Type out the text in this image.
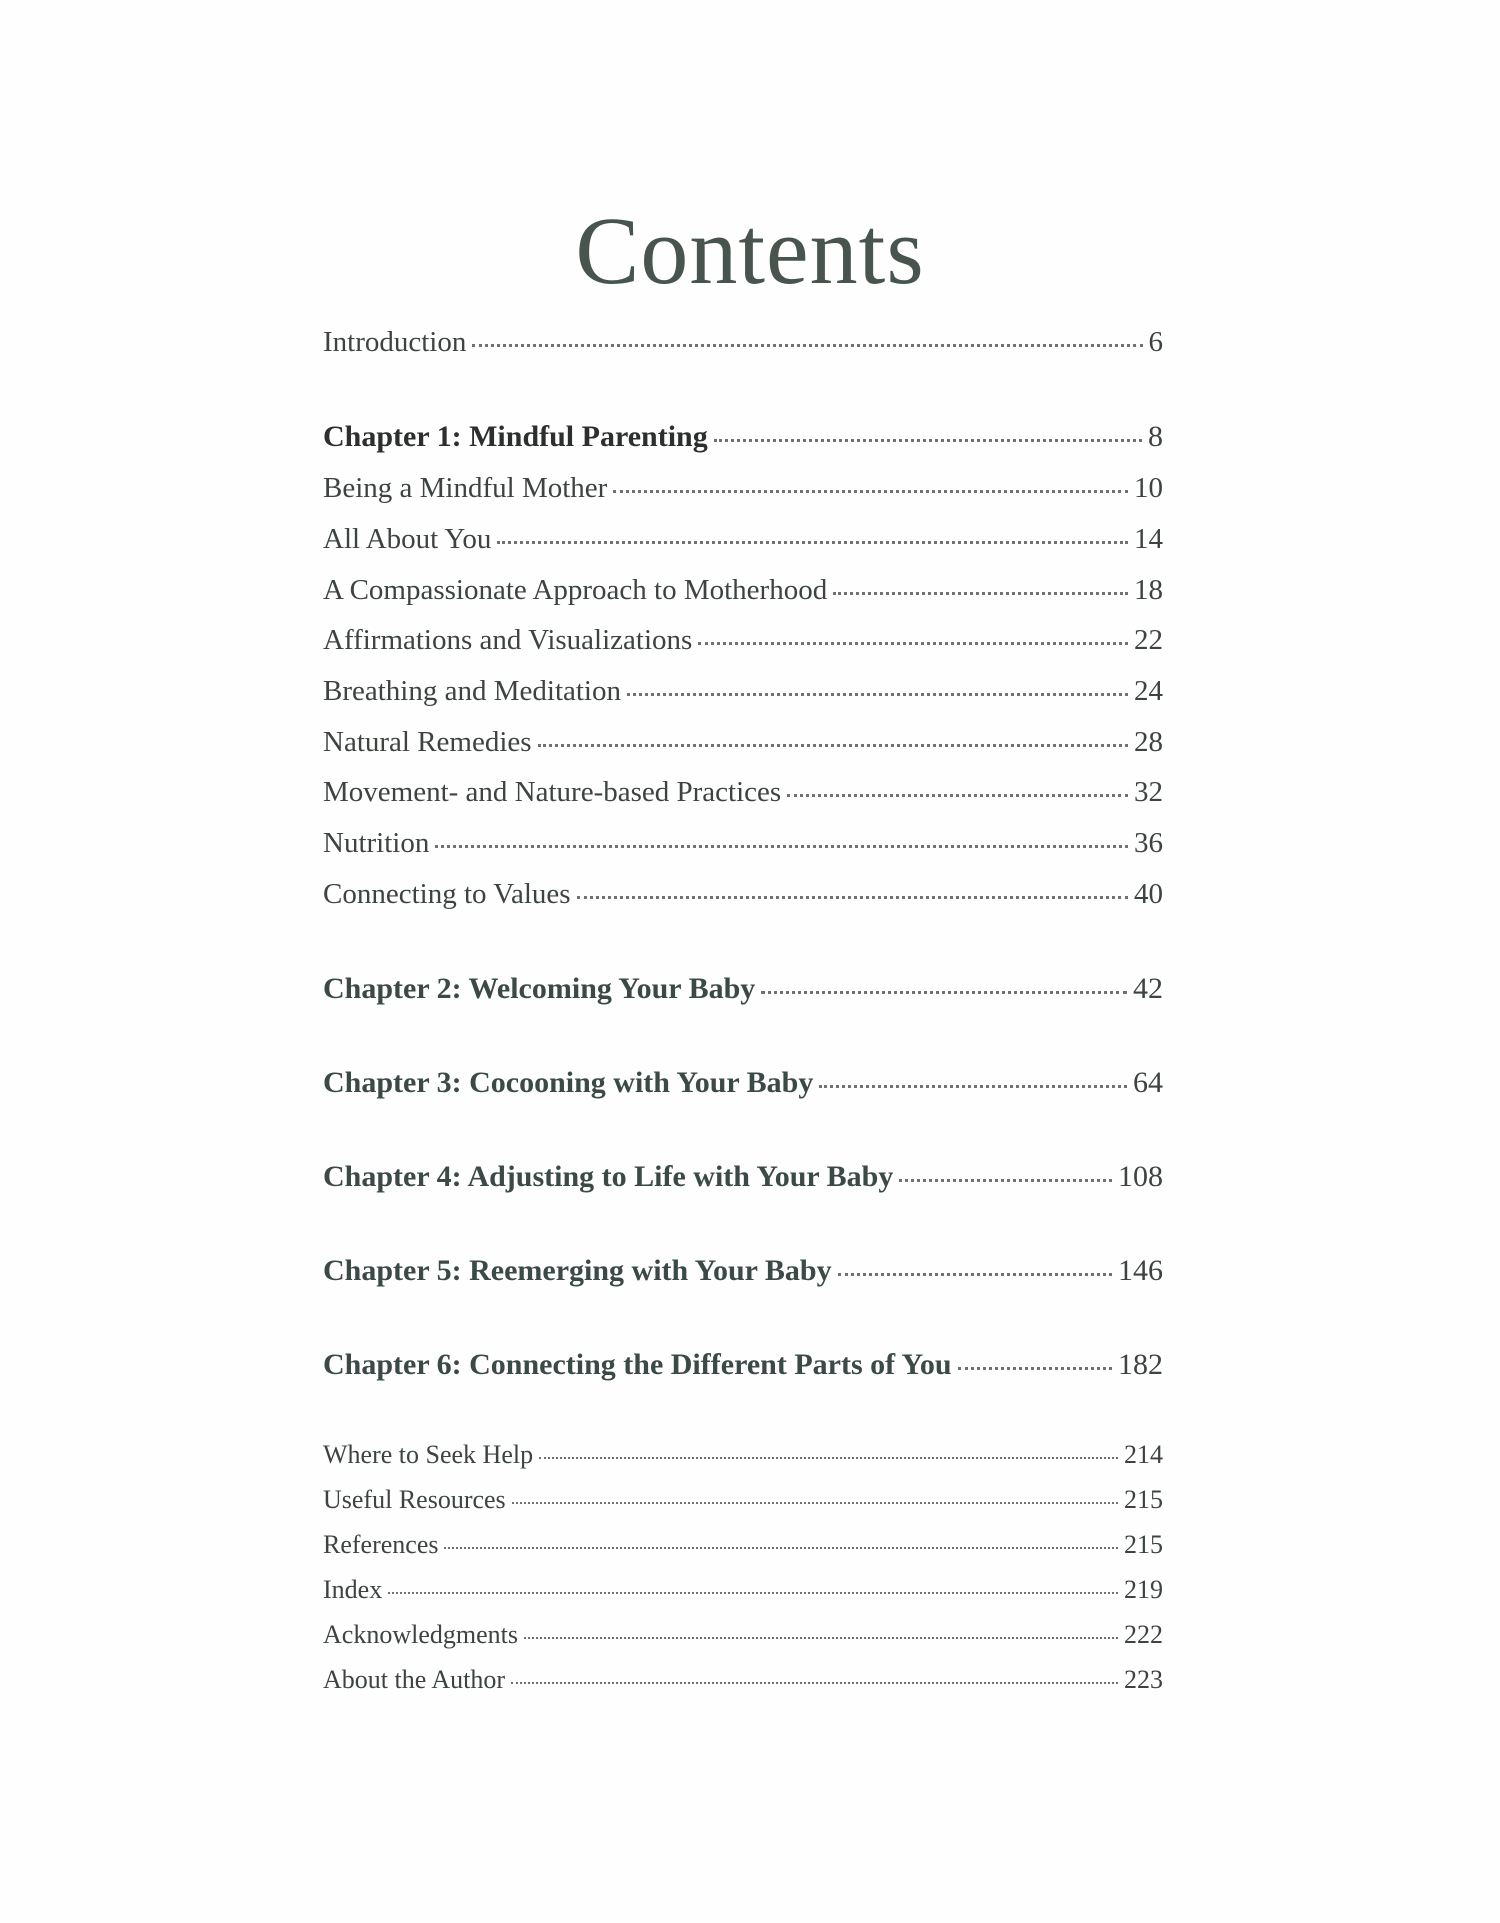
Contents
Introduction	6
Chapter 1: Mindful Parenting	8
Being a Mindful Mother	10
All About You	14
A Compassionate Approach to Motherhood	18
Affirmations and Visualizations	22
Breathing and Meditation	24
Natural Remedies	28
Movement- and Nature-based Practices	32
Nutrition	36
Connecting to Values	40
Chapter 2: Welcoming Your Baby	42
Chapter 3: Cocooning with Your Baby	64
Chapter 4: Adjusting to Life with Your Baby	108
Chapter 5: Reemerging with Your Baby	146
Chapter 6: Connecting the Different Parts of You	182
Where to Seek Help	214
Useful Resources	215
References	215
Index	219
Acknowledgments	222
About the Author	223
